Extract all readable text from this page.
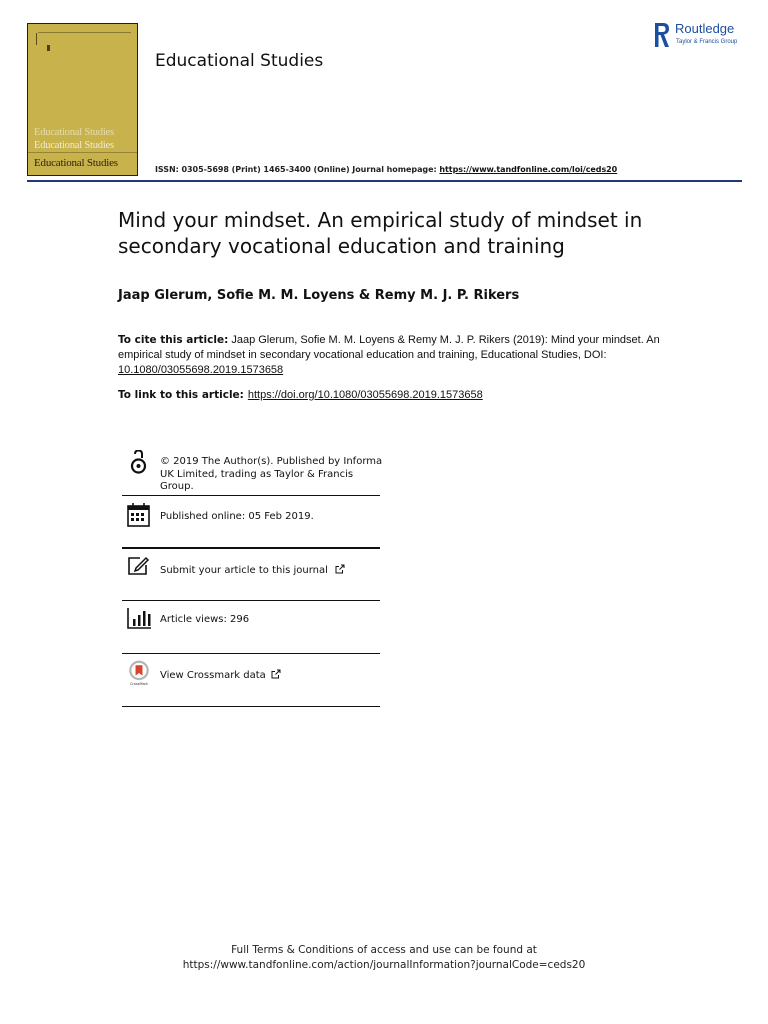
Educational Studies
Educational Studies
Educational Studies
Educational Studies
ISSN: 0305-5698 (Print) 1465-3400 (Online) Journal homepage: https://www.tandfonline.com/loi/ceds20
Routledge
Taylor & Francis Group
Mind your mindset. An empirical study of mindset in secondary vocational education and training
Jaap Glerum, Sofie M. M. Loyens & Remy M. J. P. Rikers
To cite this article: Jaap Glerum, Sofie M. M. Loyens & Remy M. J. P. Rikers (2019): Mind your mindset. An empirical study of mindset in secondary vocational education and training, Educational Studies, DOI: 10.1080/03055698.2019.1573658
To link to this article: https://doi.org/10.1080/03055698.2019.1573658
© 2019 The Author(s). Published by Informa UK Limited, trading as Taylor & Francis Group.
Published online: 05 Feb 2019.
Submit your article to this journal
Article views: 296
CrossMark
View Crossmark data
Full Terms & Conditions of access and use can be found at
https://www.tandfonline.com/action/journalInformation?journalCode=ceds20
